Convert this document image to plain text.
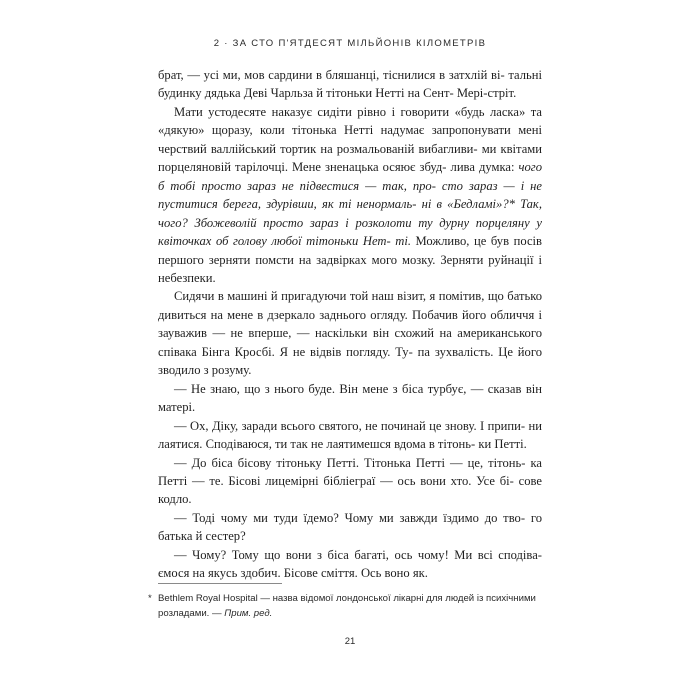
2 · ЗА СТО П'ЯТДЕСЯТ МІЛЬЙОНІВ КІЛОМЕТРІВ

брат, — усі ми, мов сардини в бляшанці, тіснилися в затхлій ві- тальні будинку дядька Деві Чарльза й тітоньки Нетті на Сент- Мері-стріт.

Мати устодесяте наказує сидіти рівно і говорити «будь ласка» та «дякую» щоразу, коли тітонька Нетті надумає запропонувати мені черствий валлійський тортик на розмальованій вибагливи- ми квітами порцеляновій тарілочці. Мене зненацька осяює збуд- лива думка: чого б тобі просто зараз не підвестися — так, про- сто зараз — і не пуститися берега, здурівши, як ті ненормаль- ні в «Бедламі»?* Так, чого? Збожеволій просто зараз і розколоти ту дурну порцеляну у квіточках об голову любої тітоньки Нет- ті. Можливо, це був посів першого зерняти помсти на задвірках мого мозку. Зерняти руйнації і небезпеки.

Сидячи в машині й пригадуючи той наш візит, я помітив, що батько дивиться на мене в дзеркало заднього огляду. Побачив його обличчя і зауважив — не вперше, — наскільки він схожий на американського співака Бінга Кросбі. Я не відвів погляду. Ту- па зухвалість. Це його зводило з розуму.

— Не знаю, що з нього буде. Він мене з біса турбує, — сказав він матері.

— Ох, Діку, заради всього святого, не починай це знову. І припи- ни лаятися. Сподіваюся, ти так не лаятимешся вдома в тітонь- ки Петті.

— До біса бісову тітоньку Петті. Тітонька Петті — це, тітонь- ка Петті — те. Бісові лицемірні бібліеграї — ось вони хто. Усе бі- сове кодло.

— Тоді чому ми туди їдемо? Чому ми завжди їздимо до тво- го батька й сестер?

— Чому? Тому що вони з біса багаті, ось чому! Ми всі сподіва- ємося на якусь здобич. Бісове сміття. Ось воно як.

* Bethlem Royal Hospital — назва відомої лондонської лікарні для людей із психічними розладами. — Прим. ред.
21
